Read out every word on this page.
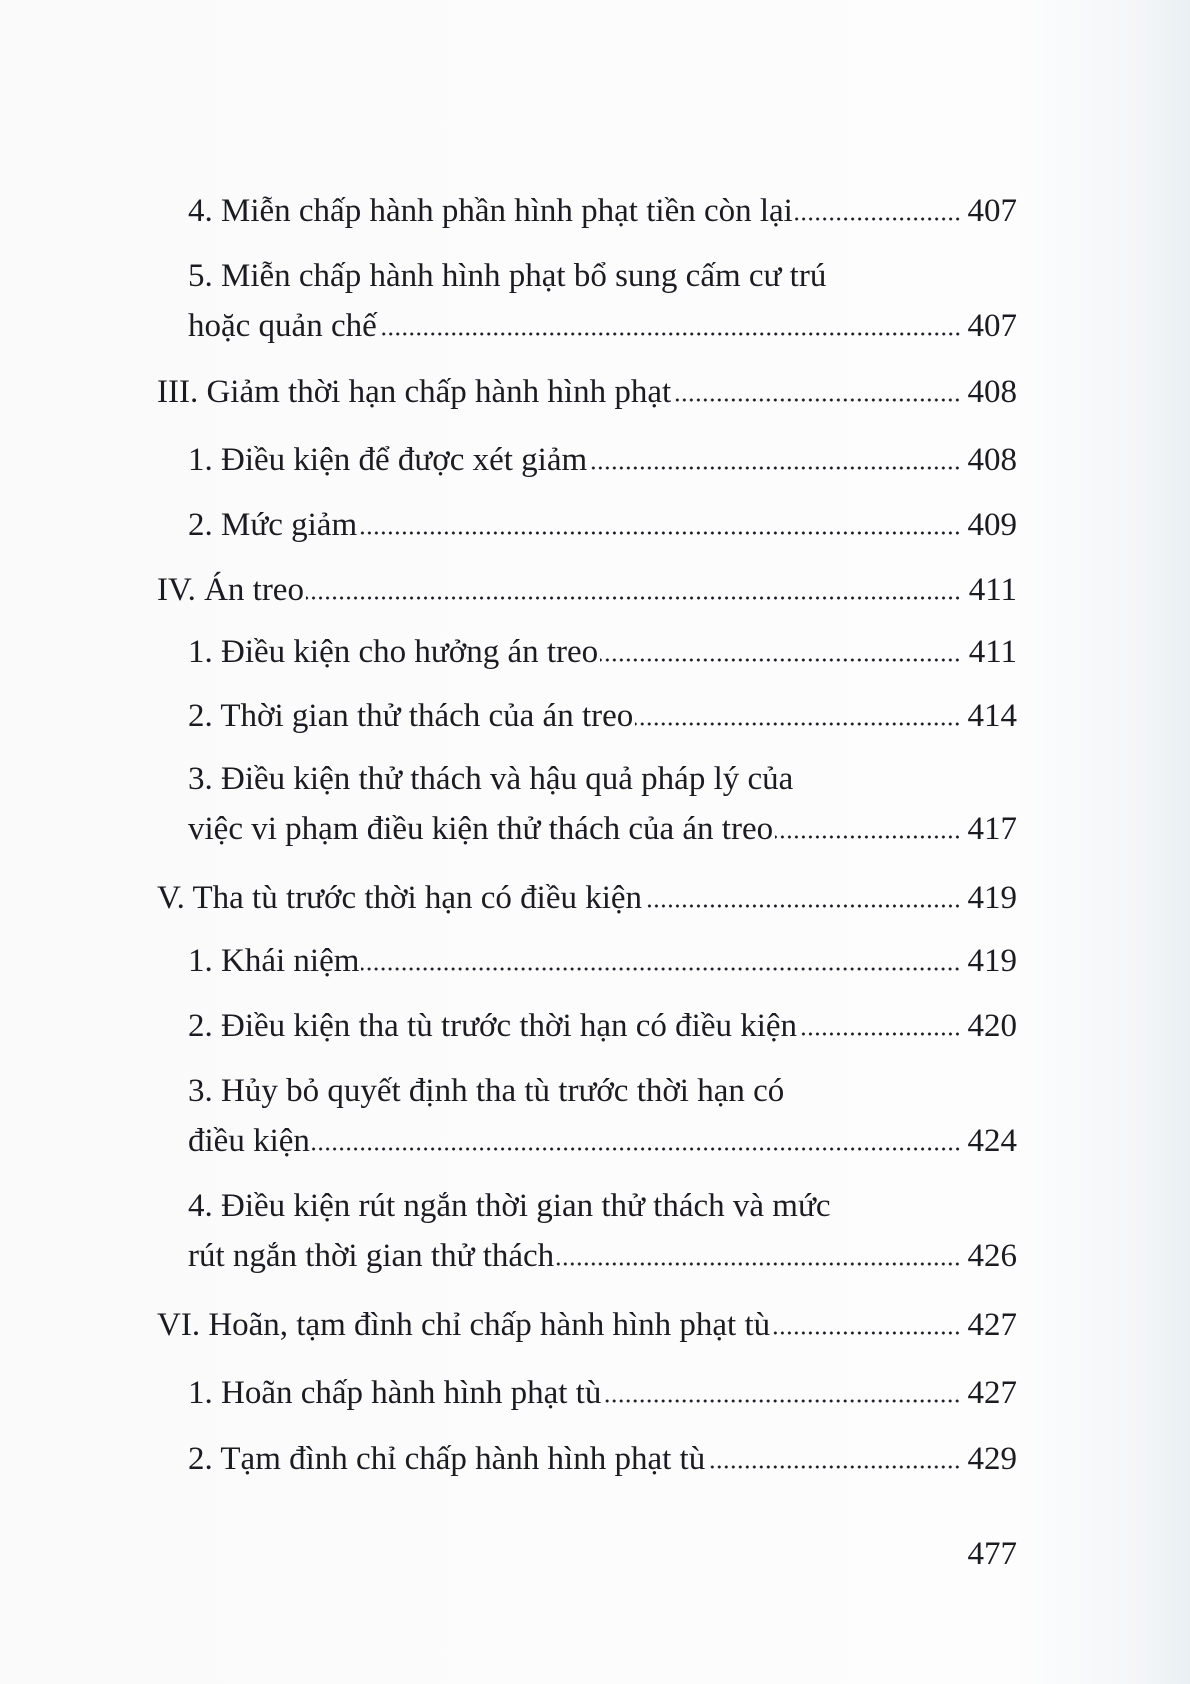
4. Miễn chấp hành phần hình phạt tiền còn lại	407
5. Miễn chấp hành hình phạt bổ sung cấm cư trú
hoặc quản chế	407
III. Giảm thời hạn chấp hành hình phạt	408
1. Điều kiện để được xét giảm	408
2. Mức giảm	409
IV. Án treo	411
1. Điều kiện cho hưởng án treo	411
2. Thời gian thử thách của án treo	414
3. Điều kiện thử thách và hậu quả pháp lý của
việc vi phạm điều kiện thử thách của án treo	417
V. Tha tù trước thời hạn có điều kiện	419
1. Khái niệm	419
2. Điều kiện tha tù trước thời hạn có điều kiện	420
3. Hủy bỏ quyết định tha tù trước thời hạn có
điều kiện	424
4. Điều kiện rút ngắn thời gian thử thách và mức
rút ngắn thời gian thử thách	426
VI. Hoãn, tạm đình chỉ chấp hành hình phạt tù	427
1. Hoãn chấp hành hình phạt tù	427
2. Tạm đình chỉ chấp hành hình phạt tù	429
477
